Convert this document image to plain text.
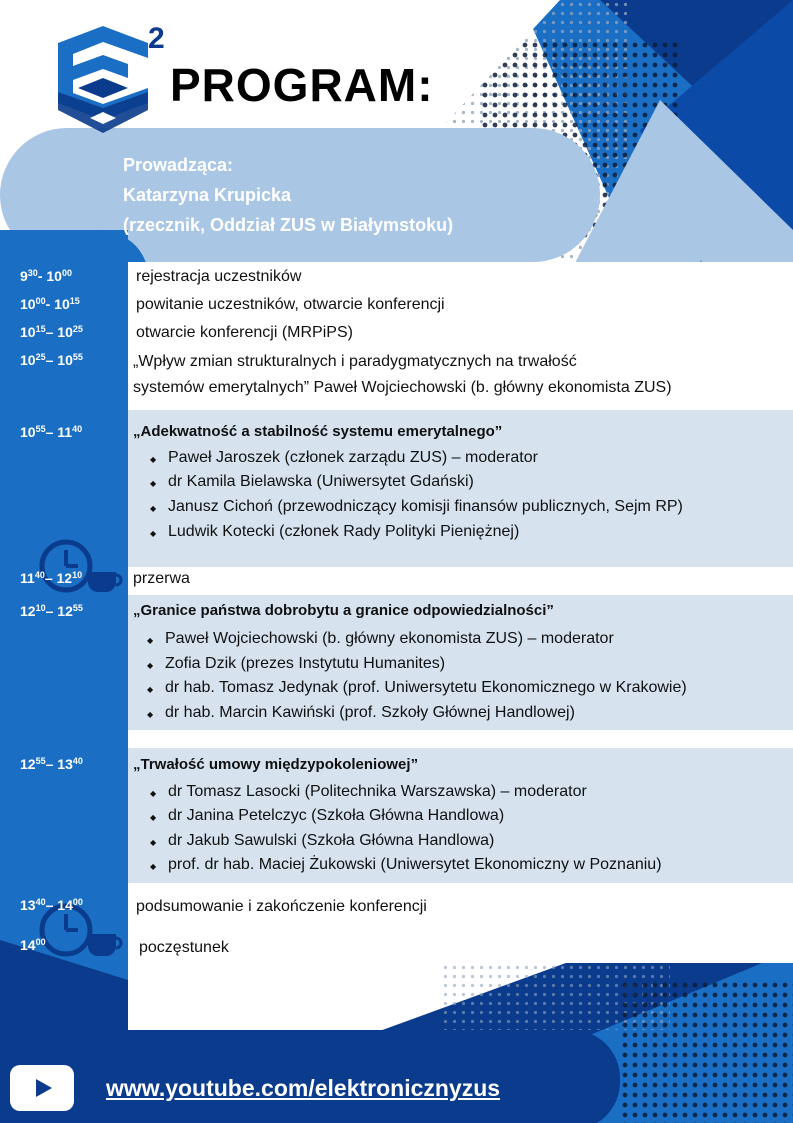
2
PROGRAM:
Prowadząca:
Katarzyna Krupicka
(rzecznik, Oddział ZUS w Białymstoku)
$9^{30}-$ $10^{00}$
$10^{00}-$ $10^{15}$
$10^{15}-$ $10^{25}$
$10^{25}-$ $10^{55}$
$10^{55}-$ $11^{40}$
$11^{40}-$ $12^{10}$
$12^{10}-$ $12^{55}$
$12^{55}-$ $13^{40}$
$13^{40}-$ $14^{00}$
$14^{00}$
rejestracja uczestników
powitanie uczestników, otwarcie konferencji
otwarcie konferencji (MRPiPS)
„Wpływ zmian strukturalnych i paradygmatycznych na trwałość
systemów emerytalnych” Paweł Wojciechowski (b. główny ekonomista ZUS)
„Adekwatność a stabilność systemu emerytalnego”
◆ Paweł Jaroszek (członek zarządu ZUS) – moderator
◆ dr Kamila Bielawska (Uniwersytet Gdański)
◆ Janusz Cichoń (przewodniczący komisji finansów publicznych, Sejm RP)
◆ Ludwik Kotecki (członek Rady Polityki Pieniężnej)
przerwa
„Granice państwa dobrobytu a granice odpowiedzialności”
◆ Paweł Wojciechowski (b. główny ekonomista ZUS) – moderator
◆ Zofia Dzik (prezes Instytutu Humanites)
◆ dr hab. Tomasz Jedynak (prof. Uniwersytetu Ekonomicznego w Krakowie)
◆ dr hab. Marcin Kawiński (prof. Szkoły Głównej Handlowej)
„Trwałość umowy międzypokoleniowej”
◆ dr Tomasz Lasocki (Politechnika Warszawska) – moderator
◆ dr Janina Petelczyc (Szkoła Główna Handlowa)
◆ dr Jakub Sawulski (Szkoła Główna Handlowa)
◆ prof. dr hab. Maciej Żukowski (Uniwersytet Ekonomiczny w Poznaniu)
podsumowanie i zakończenie konferencji
poczęstunek
www.youtube.com/elektronicznyzus
